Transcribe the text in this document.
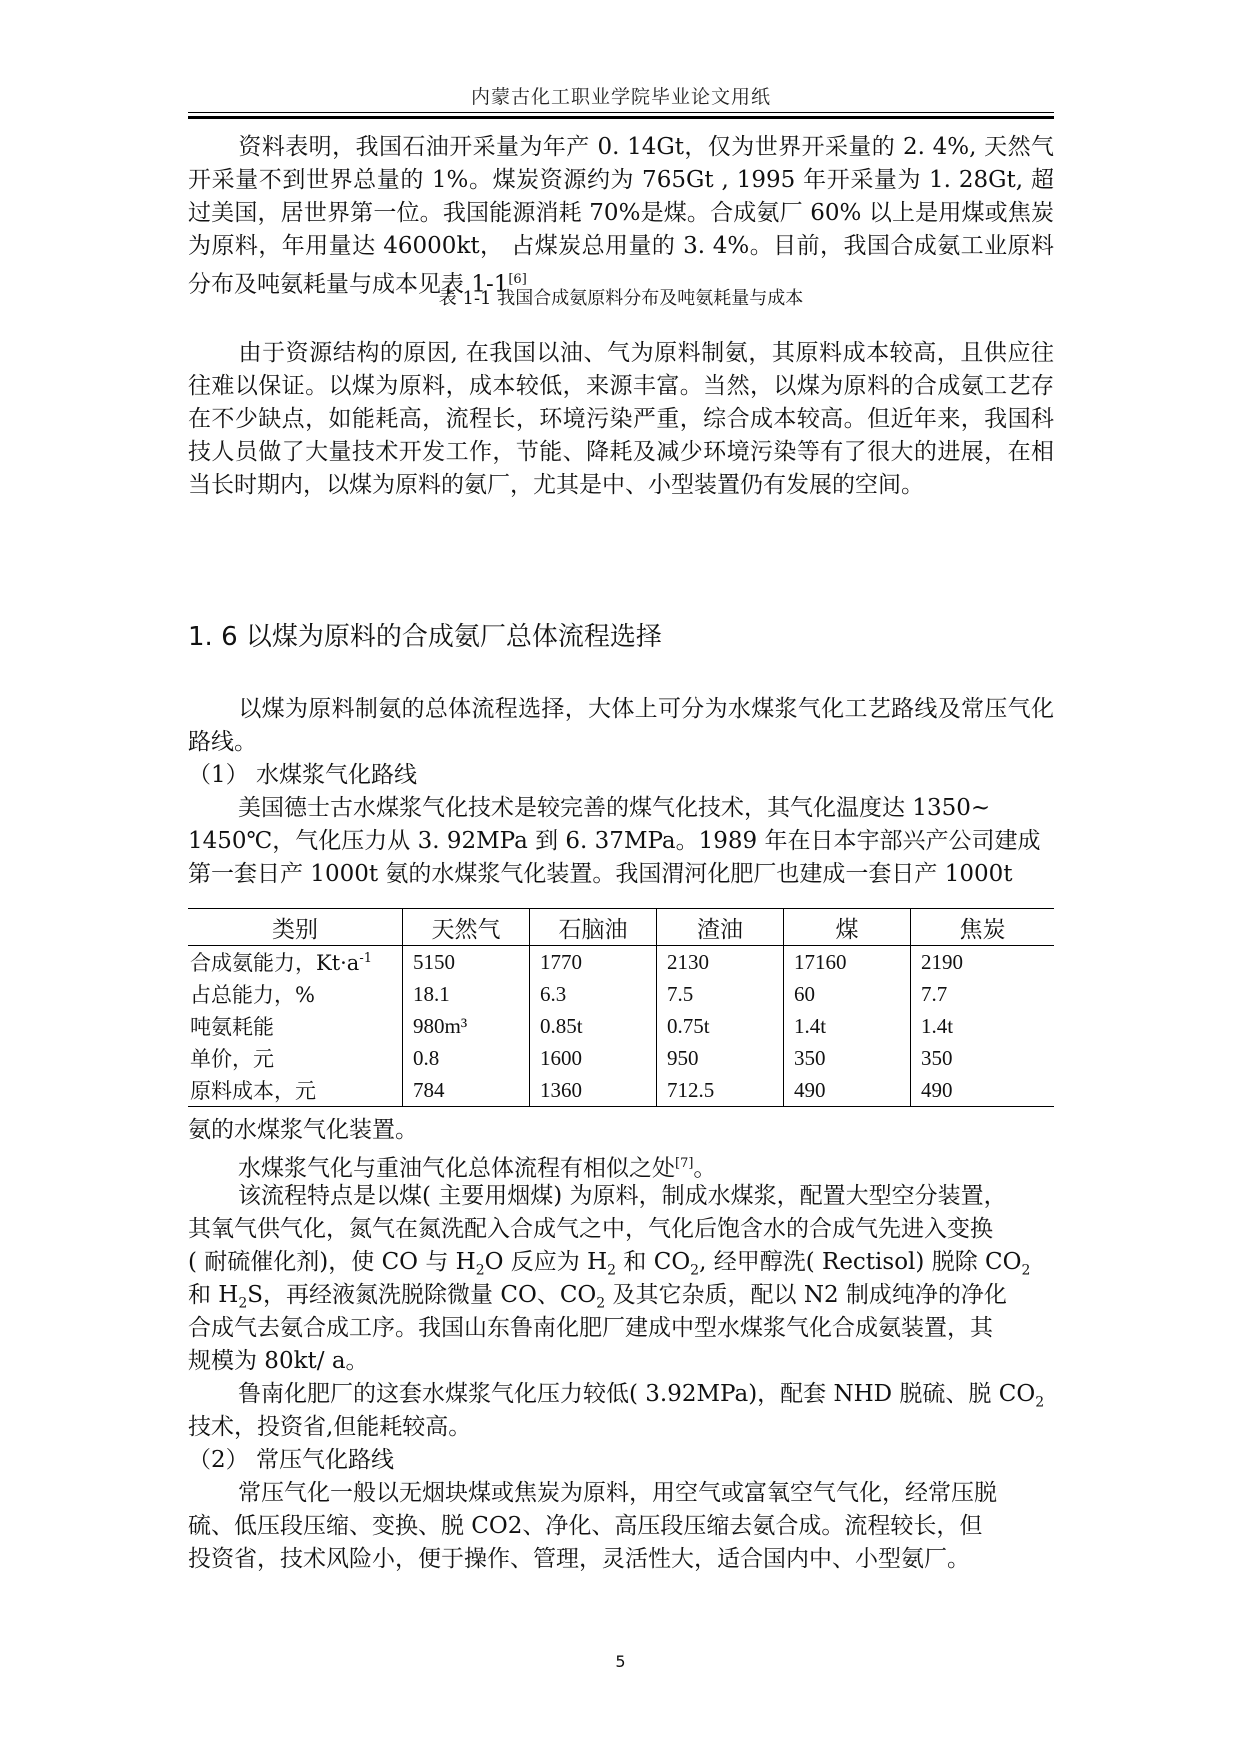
内蒙古化工职业学院毕业论文用纸

资料表明，我国石油开采量为年产 0. 14Gt，仅为世界开采量的 2. 4%, 天然气开采量不到世界总量的 1%。煤炭资源约为 765Gt , 1995 年开采量为 1. 28Gt, 超过美国，居世界第一位。我国能源消耗 70%是煤。合成氨厂 60% 以上是用煤或焦炭为原料，年用量达 46000kt， 占煤炭总用量的 3. 4%。目前，我国合成氨工业原料分布及吨氨耗量与成本见表 1-1[6]

表 1-1 我国合成氨原料分布及吨氨耗量与成本

由于资源结构的原因, 在我国以油、气为原料制氨，其原料成本较高，且供应往往难以保证。以煤为原料，成本较低，来源丰富。当然，以煤为原料的合成氨工艺存在不少缺点，如能耗高，流程长，环境污染严重，综合成本较高。但近年来，我国科技人员做了大量技术开发工作，节能、降耗及减少环境污染等有了很大的进展，在相当长时期内，以煤为原料的氨厂，尤其是中、小型装置仍有发展的空间。

1. 6 以煤为原料的合成氨厂总体流程选择

以煤为原料制氨的总体流程选择，大体上可分为水煤浆气化工艺路线及常压气化路线。

（1） 水煤浆气化路线

美国德士古水煤浆气化技术是较完善的煤气化技术，其气化温度达 1350~

1450℃，气化压力从 3. 92MPa 到 6. 37MPa。1989 年在日本宇部兴产公司建成

第一套日产 1000t 氨的水煤浆气化装置。我国渭河化肥厂也建成一套日产 1000t

类别	天然气	石脑油	渣油	煤	焦炭
合成氨能力，$Kt\cdot a^{-1}$	5150	1770	2130	17160	2190
占总能力，%	18.1	6.3	7.5	60	7.7
吨氨耗能	980m³	0.85t	0.75t	1.4t	1.4t
单价，元	0.8	1600	950	350	350
原料成本，元	784	1360	712.5	490	490

氨的水煤浆气化装置。

水煤浆气化与重油气化总体流程有相似之处[7]。

该流程特点是以煤( 主要用烟煤) 为原料，制成水煤浆，配置大型空分装置，

其氧气供气化，氮气在氮洗配入合成气之中，气化后饱含水的合成气先进入变换

( 耐硫催化剂)，使 CO 与 $H_2O$ 反应为 $H_2$ 和 $CO_2$, 经甲醇洗( Rectisol) 脱除 $CO_2$

和 $H_2S$，再经液氮洗脱除微量 CO、$CO_2$ 及其它杂质，配以 N2 制成纯净的净化

合成气去氨合成工序。我国山东鲁南化肥厂建成中型水煤浆气化合成氨装置，其

规模为 80kt/ a。

鲁南化肥厂的这套水煤浆气化压力较低( 3.92MPa)，配套 NHD 脱硫、脱 $CO_2$

技术，投资省,但能耗较高。

（2） 常压气化路线

常压气化一般以无烟块煤或焦炭为原料，用空气或富氧空气气化，经常压脱

硫、低压段压缩、变换、脱 CO2、净化、高压段压缩去氨合成。流程较长，但

投资省，技术风险小，便于操作、管理，灵活性大，适合国内中、小型氨厂。

5
